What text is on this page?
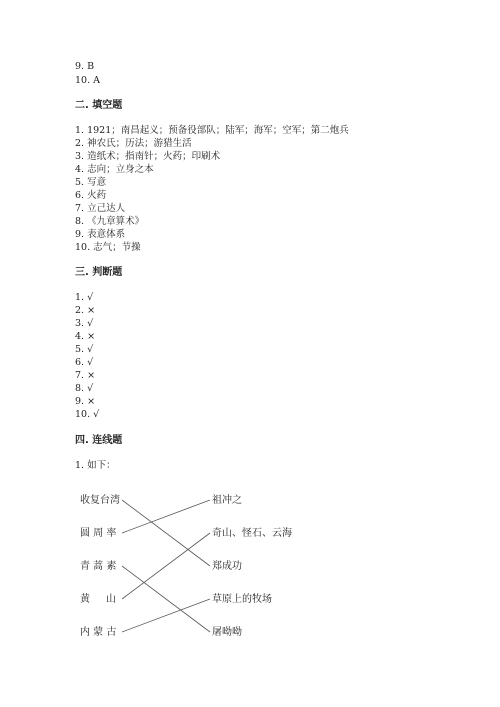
9. B
10. A
二. 填空题
1. 1921；南昌起义；预备役部队；陆军；海军；空军；第二炮兵
2. 神农氏；历法；游猎生活
3. 造纸术；指南针；火药；印刷术
4. 志向；立身之本
5. 写意
6. 火药
7. 立己达人
8. 《九章算术》
9. 表意体系
10. 志气；节操
三. 判断题
1. √
2. ×
3. √
4. ×
5. √
6. √
7. ×
8. √
9. ×
10. √
四. 连线题
1. 如下：
收复台湾
圆 周 率
青 蒿 素
黄     山
内 蒙 古
祖冲之
奇山、怪石、云海
郑成功
草原上的牧场
屠呦呦
